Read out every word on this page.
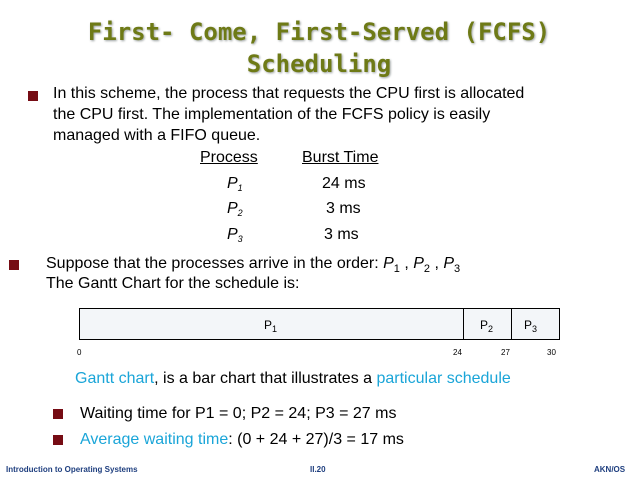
First- Come, First-Served (FCFS)
Scheduling
In this scheme, the process that requests the CPU first is allocated
the CPU first. The implementation of the FCFS policy is easily
managed with a FIFO queue.
Process	Burst Time
P1	24 ms
P2	3 ms
P3	3 ms
Suppose that the processes arrive in the order: $P_1$ , $P_2$ , $P_3$
The Gantt Chart for the schedule is:
$P_1$	$P_2$	$P_3$
0	24	27	30
Gantt chart, is a bar chart that illustrates a particular schedule
Waiting time for P1 = 0; P2 = 24; P3 = 27 ms
Average waiting time: (0 + 24 + 27)/3 = 17 ms
Introduction to Operating Systems	II.20	AKN/OS
